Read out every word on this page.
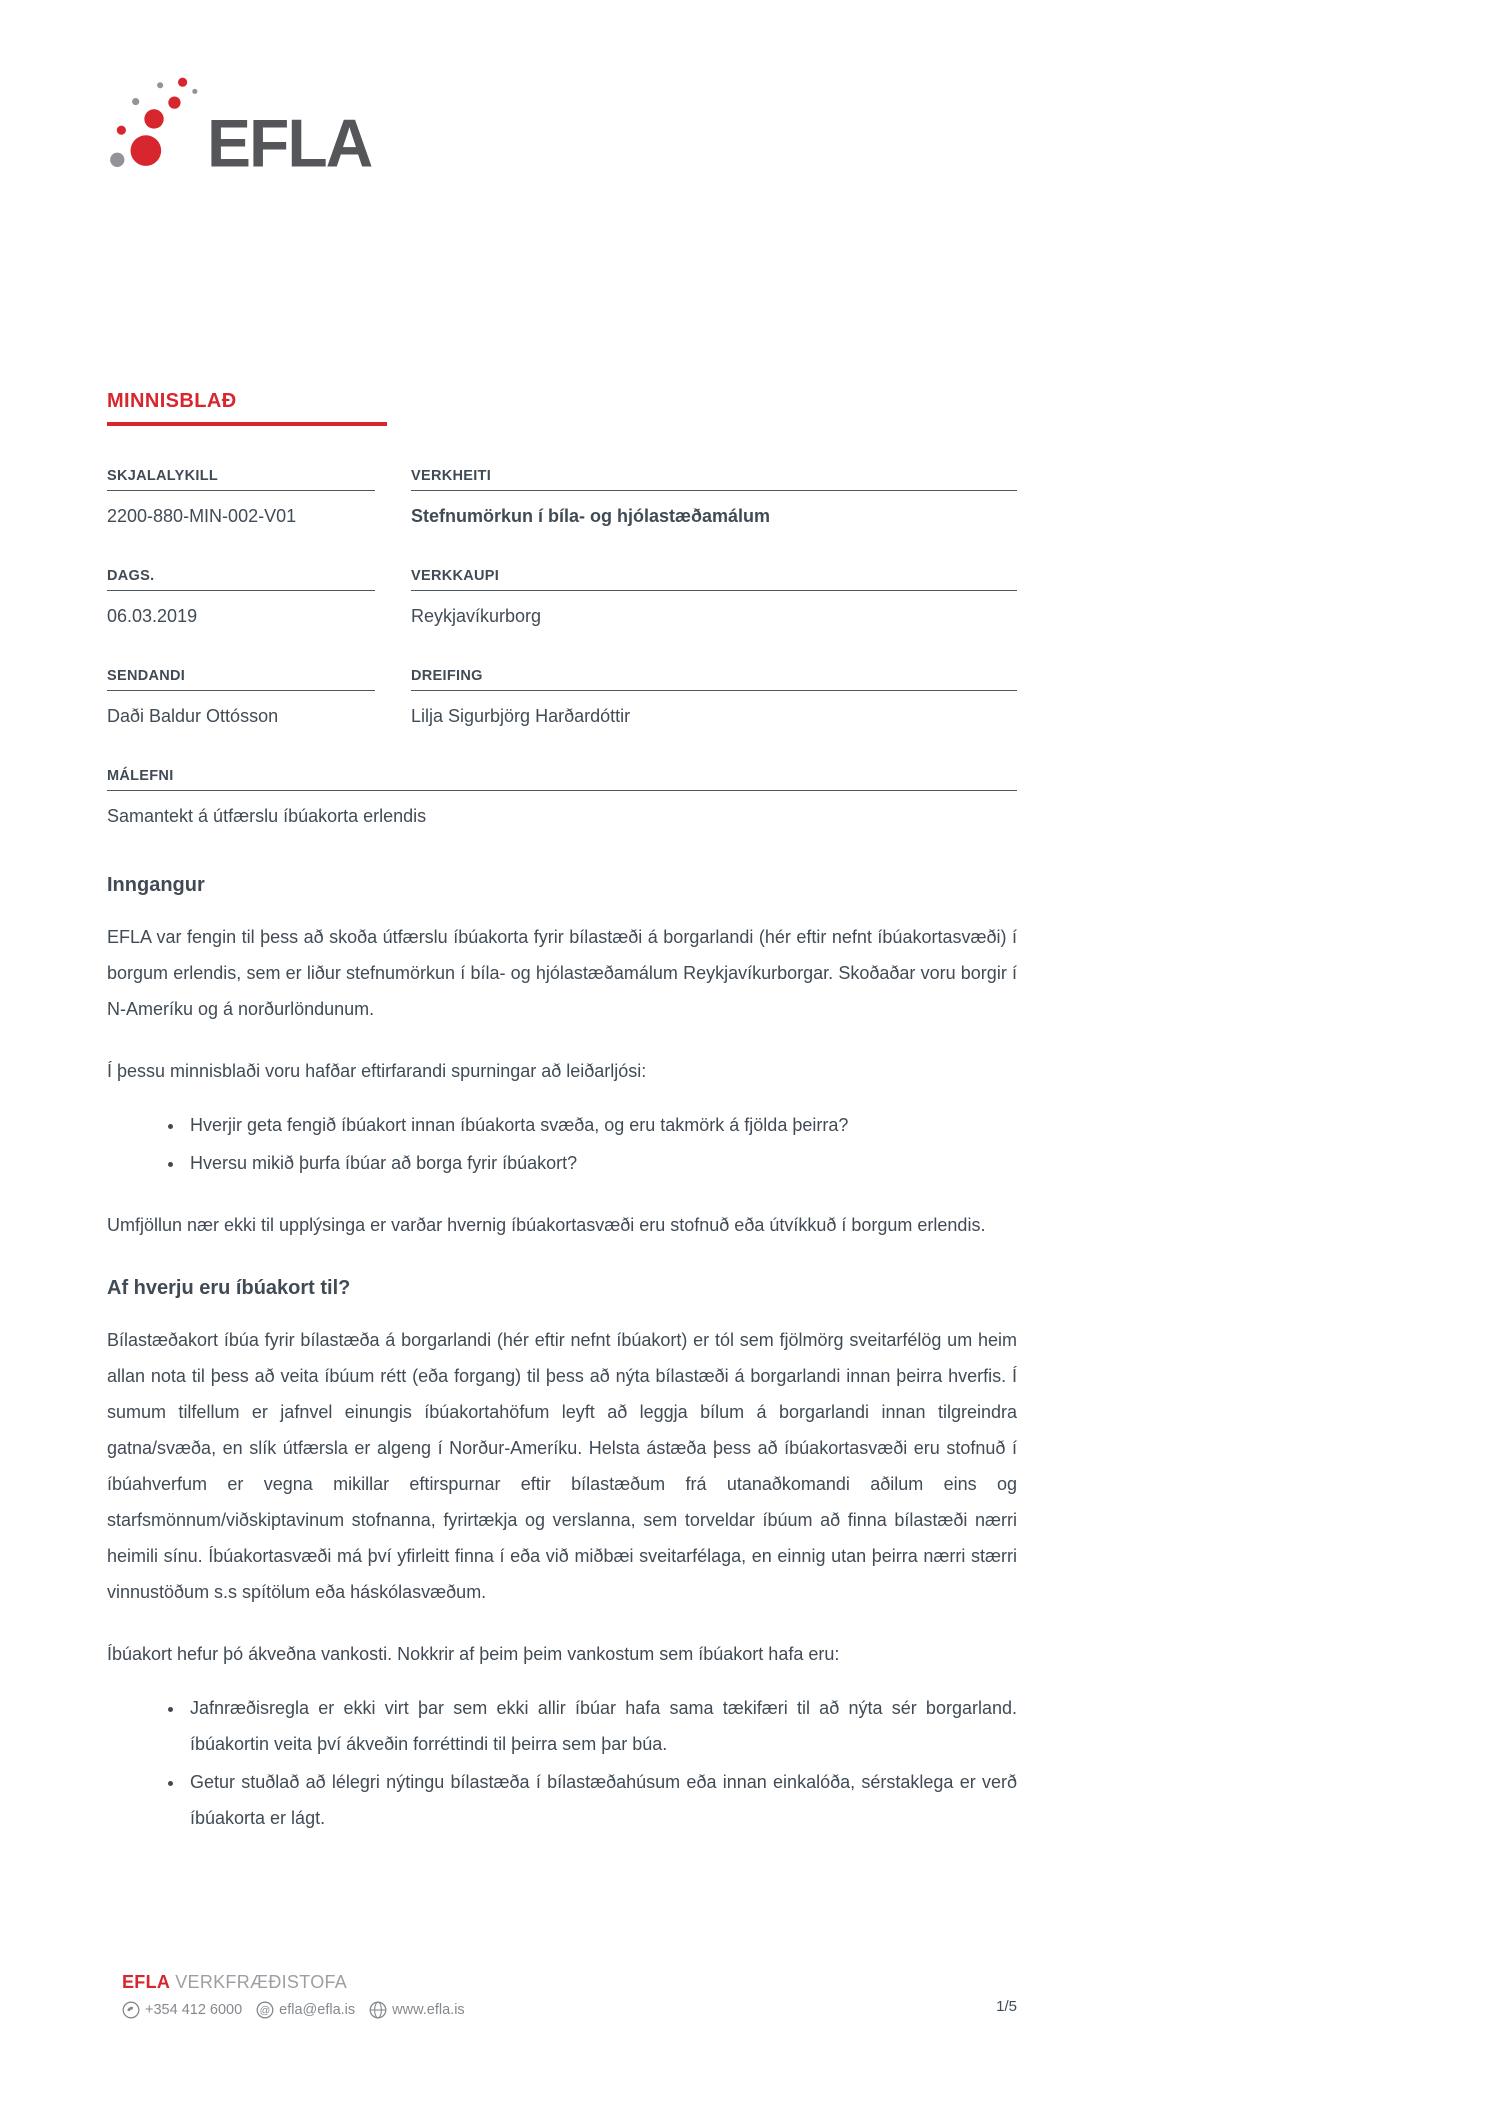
EFLA
MINNISBLAÐ
SKJALALYKILL
2200-880-MIN-002-V01
VERKHEITI
Stefnumörkun í bíla- og hjólastæðamálum
DAGS.
06.03.2019
VERKKAUPI
Reykjavíkurborg
SENDANDI
Daði Baldur Ottósson
DREIFING
Lilja Sigurbjörg Harðardóttir
MÁLEFNI
Samantekt á útfærslu íbúakorta erlendis
Inngangur

EFLA var fengin til þess að skoða útfærslu íbúakorta fyrir bílastæði á borgarlandi (hér eftir nefnt íbúakortasvæði) í borgum erlendis, sem er liður stefnumörkun í bíla- og hjólastæðamálum Reykjavíkurborgar. Skoðaðar voru borgir í N-Ameríku og á norðurlöndunum.

Í þessu minnisblaði voru hafðar eftirfarandi spurningar að leiðarljósi:

• Hverjir geta fengið íbúakort innan íbúakorta svæða, og eru takmörk á fjölda þeirra?
• Hversu mikið þurfa íbúar að borga fyrir íbúakort?

Umfjöllun nær ekki til upplýsinga er varðar hvernig íbúakortasvæði eru stofnuð eða útvíkkuð í borgum erlendis.

Af hverju eru íbúakort til?

Bílastæðakort íbúa fyrir bílastæða á borgarlandi (hér eftir nefnt íbúakort) er tól sem fjölmörg sveitarfélög um heim allan nota til þess að veita íbúum rétt (eða forgang) til þess að nýta bílastæði á borgarlandi innan þeirra hverfis. Í sumum tilfellum er jafnvel einungis íbúakortahöfum leyft að leggja bílum á borgarlandi innan tilgreindra gatna/svæða, en slík útfærsla er algeng í Norður-Ameríku. Helsta ástæða þess að íbúakortasvæði eru stofnuð í íbúahverfum er vegna mikillar eftirspurnar eftir bílastæðum frá utanaðkomandi aðilum eins og starfsmönnum/viðskiptavinum stofnanna, fyrirtækja og verslanna, sem torveldar íbúum að finna bílastæði nærri heimili sínu. Íbúakortasvæði má því yfirleitt finna í eða við miðbæi sveitarfélaga, en einnig utan þeirra nærri stærri vinnustöðum s.s spítölum eða háskólasvæðum.

Íbúakort hefur þó ákveðna vankosti. Nokkrir af þeim þeim vankostum sem íbúakort hafa eru:

• Jafnræðisregla er ekki virt þar sem ekki allir íbúar hafa sama tækifæri til að nýta sér borgarland. íbúakortin veita því ákveðin forréttindi til þeirra sem þar búa.
• Getur stuðlað að lélegri nýtingu bílastæða í bílastæðahúsum eða innan einkalóða, sérstaklega er verð íbúakorta er lágt.
EFLA VERKFRÆÐISTOFA
+354 412 6000 @ efla@efla.is	www.efla.is	1/5
